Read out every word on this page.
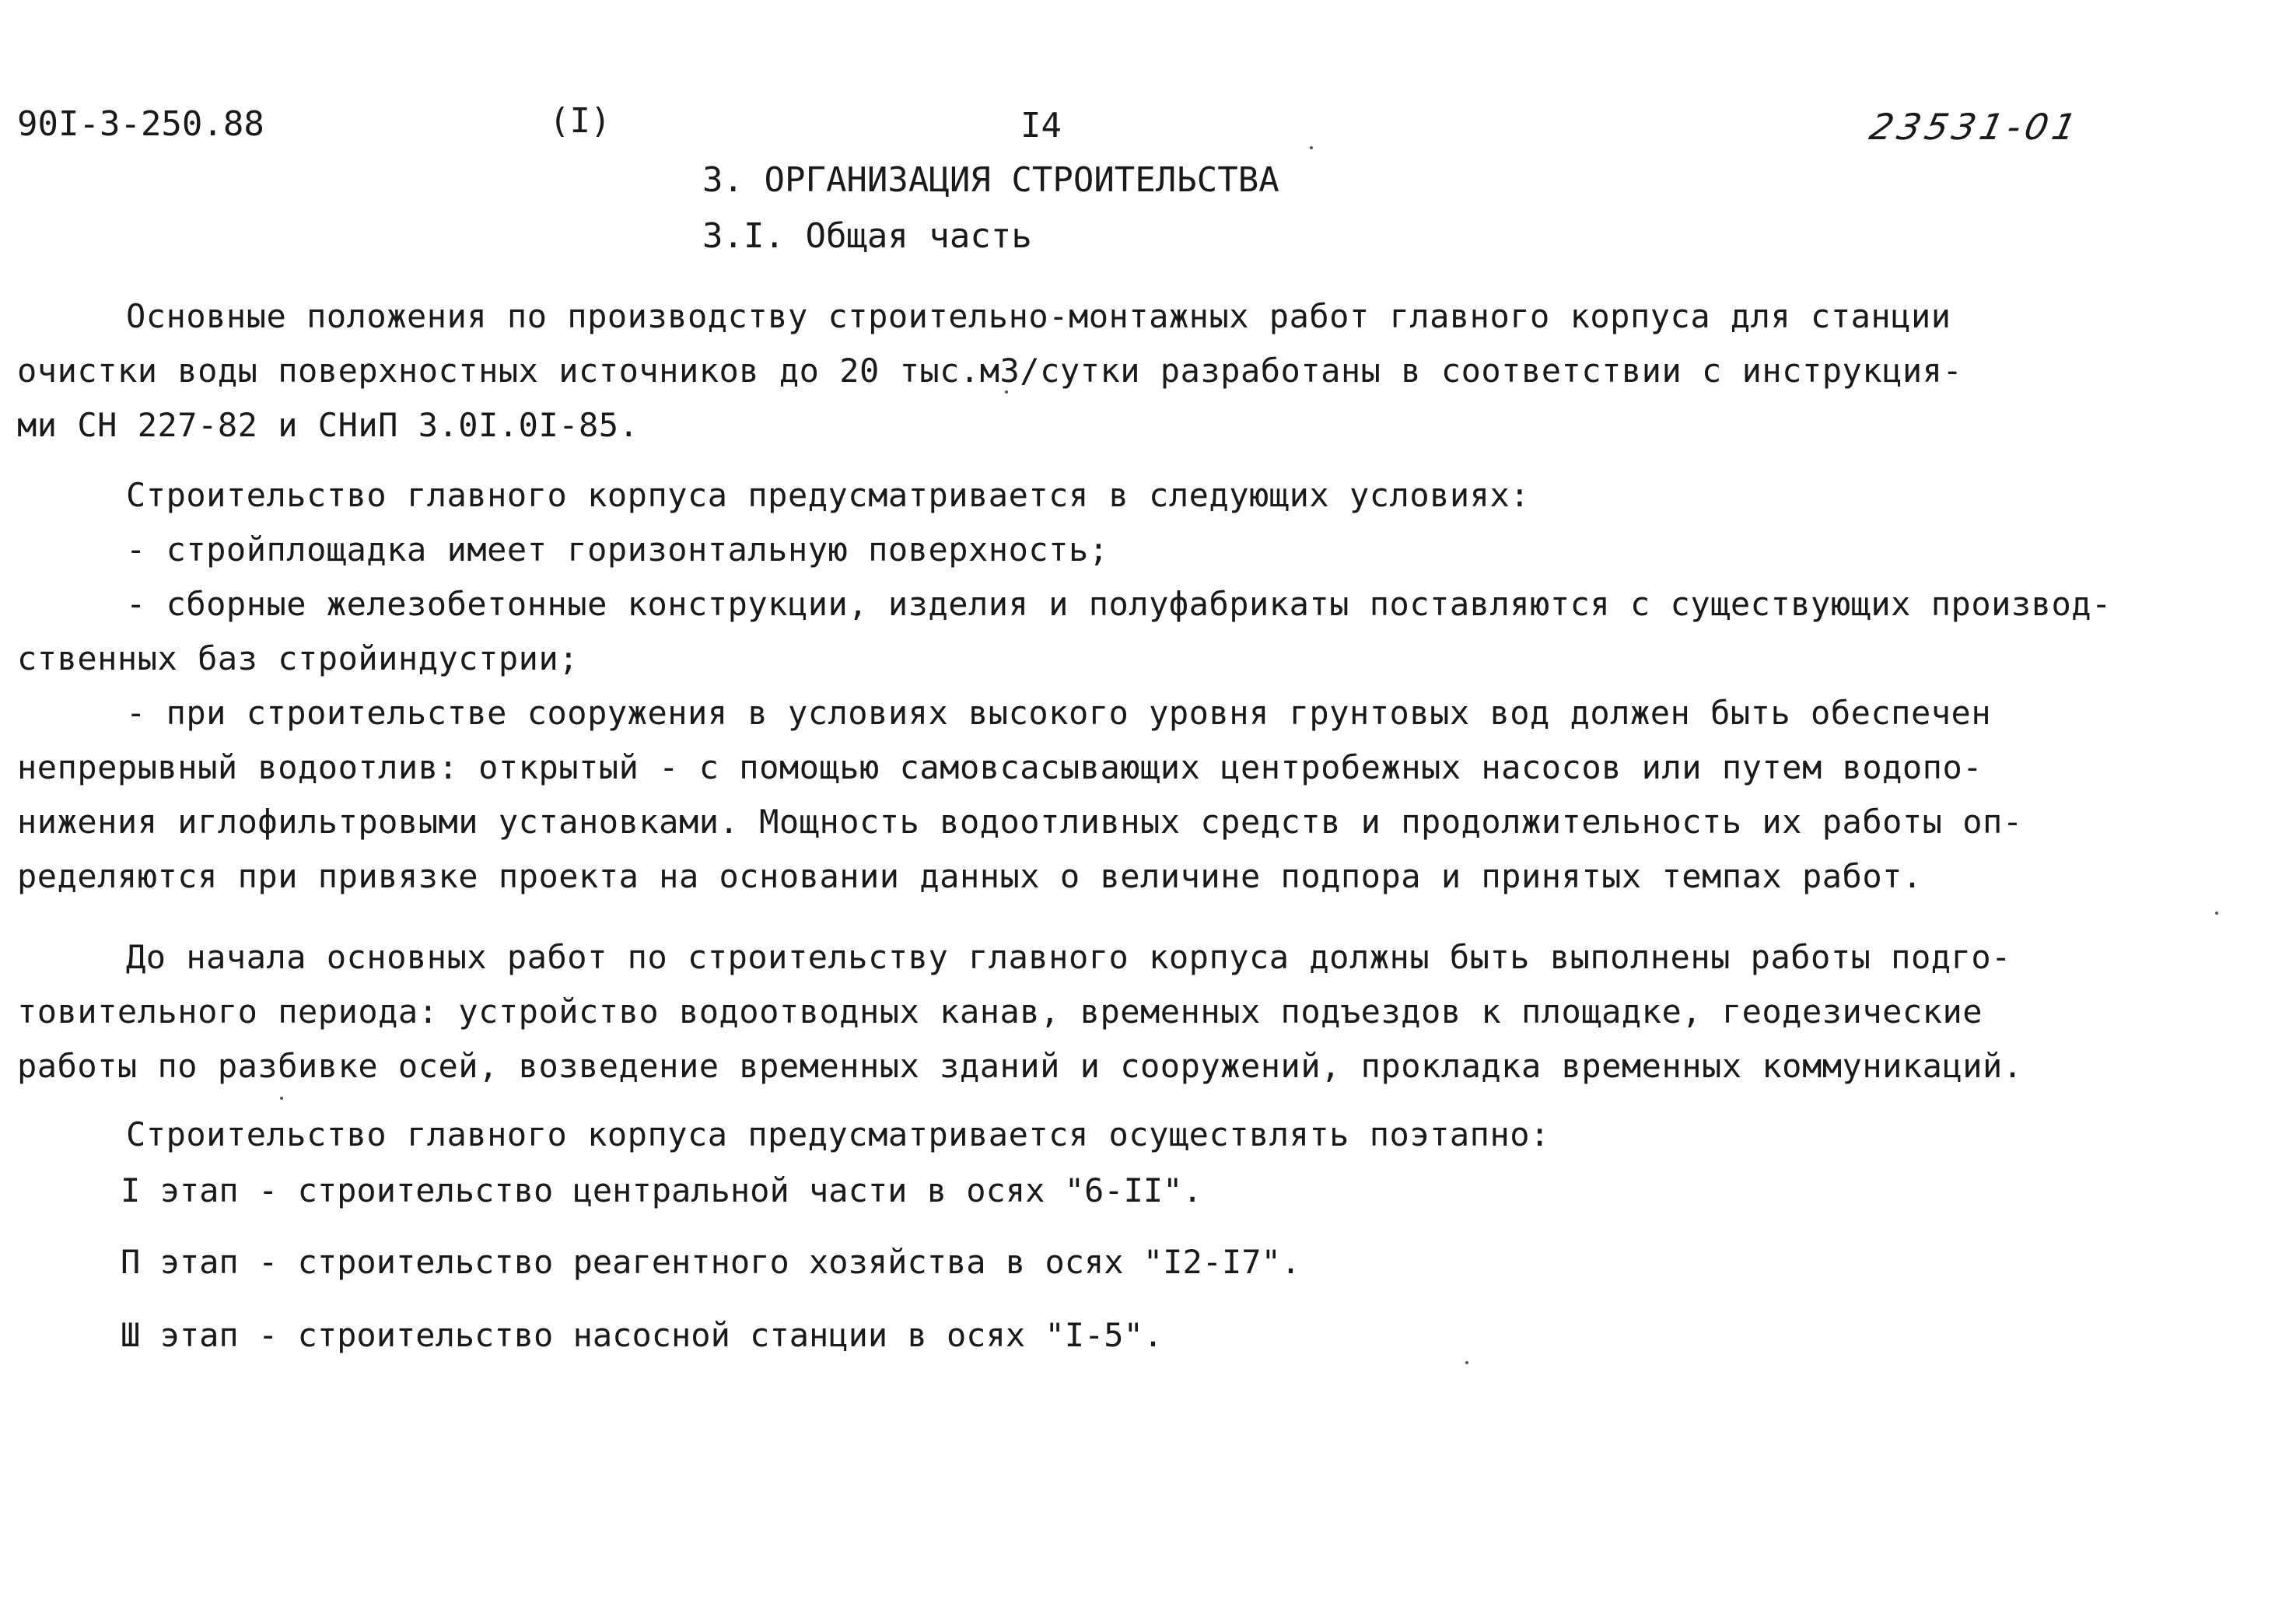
90I-3-250.88	(I)	I4	23531-01
3. ОРГАНИЗАЦИЯ СТРОИТЕЛЬСТВА
3.I. Общая часть
Основные положения по производству строительно-монтажных работ главного корпуса для станции
очистки воды поверхностных источников до 20 тыс.м3/сутки разработаны в соответствии с инструкция-
ми СН 227-82 и СНиП 3.0I.0I-85.
Строительство главного корпуса предусматривается в следующих условиях:
- стройплощадка имеет горизонтальную поверхность;
- сборные железобетонные конструкции, изделия и полуфабрикаты поставляются с существующих производ-
ственных баз стройиндустрии;
- при строительстве сооружения в условиях высокого уровня грунтовых вод должен быть обеспечен
непрерывный водоотлив: открытый - с помощью самовсасывающих центробежных насосов или путем водопо-
нижения иглофильтровыми установками. Мощность водоотливных средств и продолжительность их работы оп-
ределяются при привязке проекта на основании данных о величине подпора и принятых темпах работ.
До начала основных работ по строительству главного корпуса должны быть выполнены работы подго-
товительного периода: устройство водоотводных канав, временных подъездов к площадке, геодезические
работы по разбивке осей, возведение временных зданий и сооружений, прокладка временных коммуникаций.
Строительство главного корпуса предусматривается осуществлять поэтапно:
I этап - строительство центральной части в осях "6-II".
П этап - строительство реагентного хозяйства в осях "I2-I7".
Ш этап - строительство насосной станции в осях "I-5".
